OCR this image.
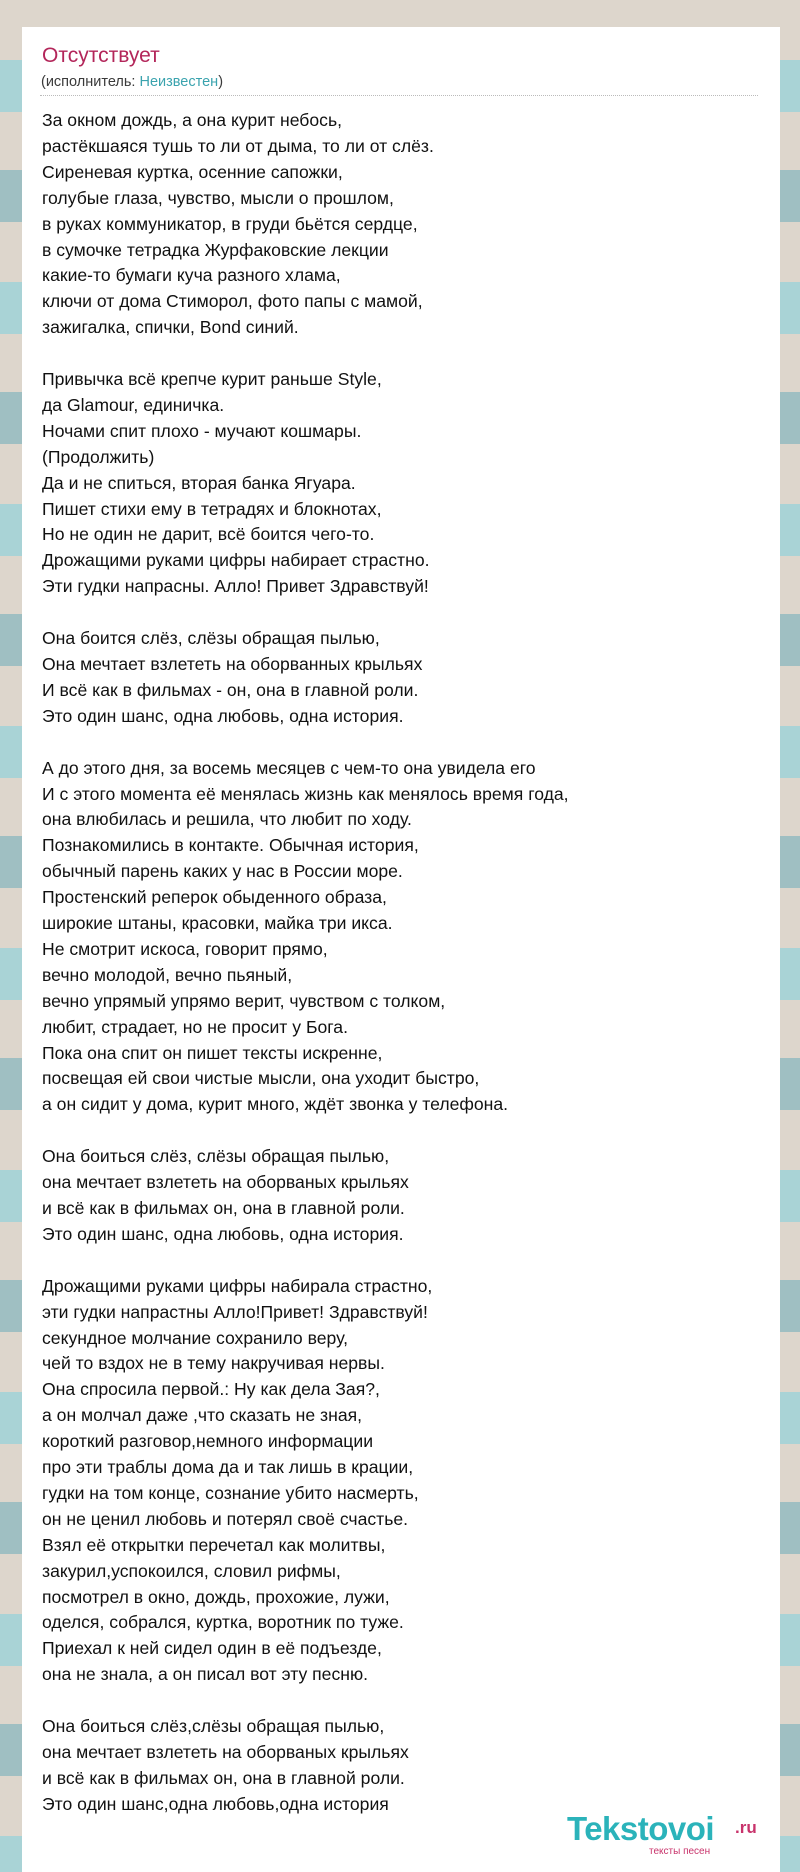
Отсутствует
(исполнитель: Неизвестен)
За окном дождь, а она курит небось,
растёкшаяся тушь то ли от дыма, то ли от слёз.
Сиреневая куртка, осенние сапожки,
голубые глаза, чувство, мысли о прошлом,
в руках коммуникатор, в груди бьётся сердце,
в сумочке тетрадка Журфаковские лекции
какие-то бумаги куча разного хлама,
ключи от дома Стиморол, фото папы с мамой,
зажигалка, спички, Bond синий.
Привычка всё крепче курит раньше Style,
да Glamour, единичка.
Ночами спит плохо - мучают кошмары.
(Продолжить)
Да и не спиться, вторая банка Ягуара.
Пишет стихи ему в тетрадях и блокнотах,
Но не один не дарит, всё боится чего-то.
Дрожащими руками цифры набирает страстно.
Эти гудки напрасны. Алло! Привет Здравствуй!
Она боится слёз, слёзы обращая пылью,
Она мечтает взлететь на оборванных крыльях
И всё как в фильмах - он, она в главной роли.
Это один шанс, одна любовь, одна история.
А до этого дня, за восемь месяцев с чем-то она увидела его
И с этого момента её менялась жизнь как менялось время года,
она влюбилась и решила, что любит по ходу.
Познакомились в контакте. Обычная история,
обычный парень каких у нас в России море.
Простенский реперок обыденного образа,
широкие штаны, красовки, майка три икса.
Не смотрит искоса, говорит прямо,
вечно молодой, вечно пьяный,
вечно упрямый упрямо верит, чувством с толком,
любит, страдает, но не просит у Бога.
Пока она спит он пишет тексты искренне,
посвещая ей свои чистые мысли, она уходит быстро,
а он сидит у дома, курит много, ждёт звонка у телефона.
Она боиться слёз, слёзы обращая пылью,
она мечтает взлететь на оборваных крыльях
и всё как в фильмах он, она в главной роли.
Это один шанс, одна любовь, одна история.
Дрожащими руками цифры набирала страстно,
эти гудки напрастны Алло!Привет! Здравствуй!
секундное молчание сохранило веру,
чей то вздох не в тему накручивая нервы.
Она спросила первой.: Ну как дела Зая?,
а он молчал даже ,что сказать не зная,
короткий разговор,немного информации
про эти траблы дома да и так лишь в крации,
гудки на том конце, сознание убито насмерть,
он не ценил любовь и потерял своё счастье.
Взял её открытки перечетал как молитвы,
закурил,успокоился, словил рифмы,
посмотрел в окно, дождь, прохожие, лужи,
оделся, собрался, куртка, воротник по туже.
Приехал к ней сидел один в её подъезде,
она не знала, а он писал вот эту песню.
Она боиться слёз,слёзы обращая пылью,
она мечтает взлететь на оборваных крыльях
и всё как в фильмах он, она в главной роли.
Это один шанс,одна любовь,одна история
Tekstovoi .ru
тексты песен
